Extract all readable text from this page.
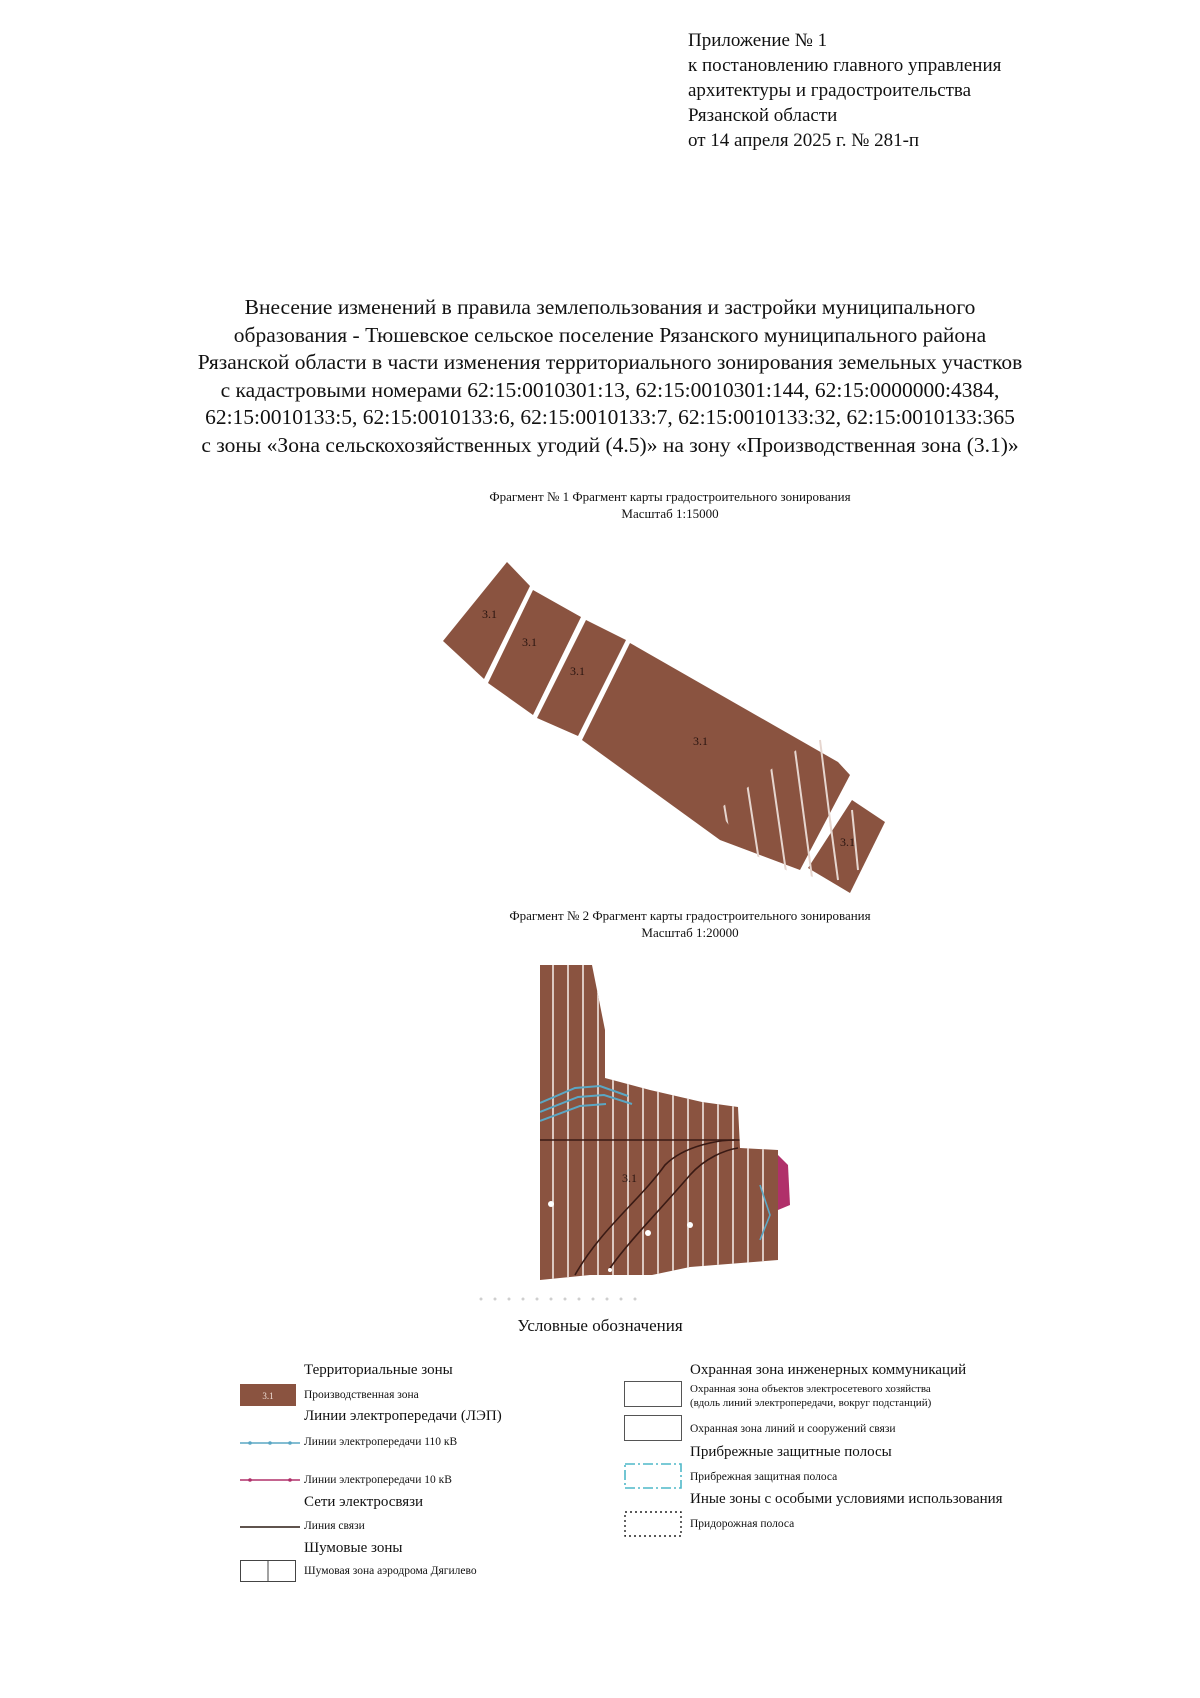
Приложение № 1
к постановлению главного управления
архитектуры и градостроительства
Рязанской области
от 14 апреля 2025 г. № 281-п
Внесение изменений в правила землепользования и застройки муниципального
образования - Тюшевское сельское поселение Рязанского муниципального района
Рязанской области в части изменения территориального зонирования земельных участков
с кадастровыми номерами 62:15:0010301:13, 62:15:0010301:144, 62:15:0000000:4384,
62:15:0010133:5, 62:15:0010133:6, 62:15:0010133:7, 62:15:0010133:32, 62:15:0010133:365
с зоны «Зона сельскохозяйственных угодий (4.5)» на зону «Производственная зона (3.1)»
Фрагмент № 1 Фрагмент карты градостроительного зонирования
Масштаб 1:15000
3.1
3.1
3.1
3.1
3.1
Фрагмент № 2 Фрагмент карты градостроительного зонирования
Масштаб 1:20000
3.1
Условные обозначения
Территориальные зоны
3.1	Производственная зона
Линии электропередачи (ЛЭП)
Линии электропередачи 110 кВ
Линии электропередачи 10 кВ
Сети электросвязи
Линия связи
Шумовые зоны
Шумовая зона аэродрома Дягилево
Охранная зона инженерных коммуникаций
Охранная зона объектов электросетевого хозяйства
(вдоль линий электропередачи, вокруг подстанций)
Охранная зона линий и сооружений связи
Прибрежные защитные полосы
Прибрежная защитная полоса
Иные зоны с особыми условиями использования
Придорожная полоса
